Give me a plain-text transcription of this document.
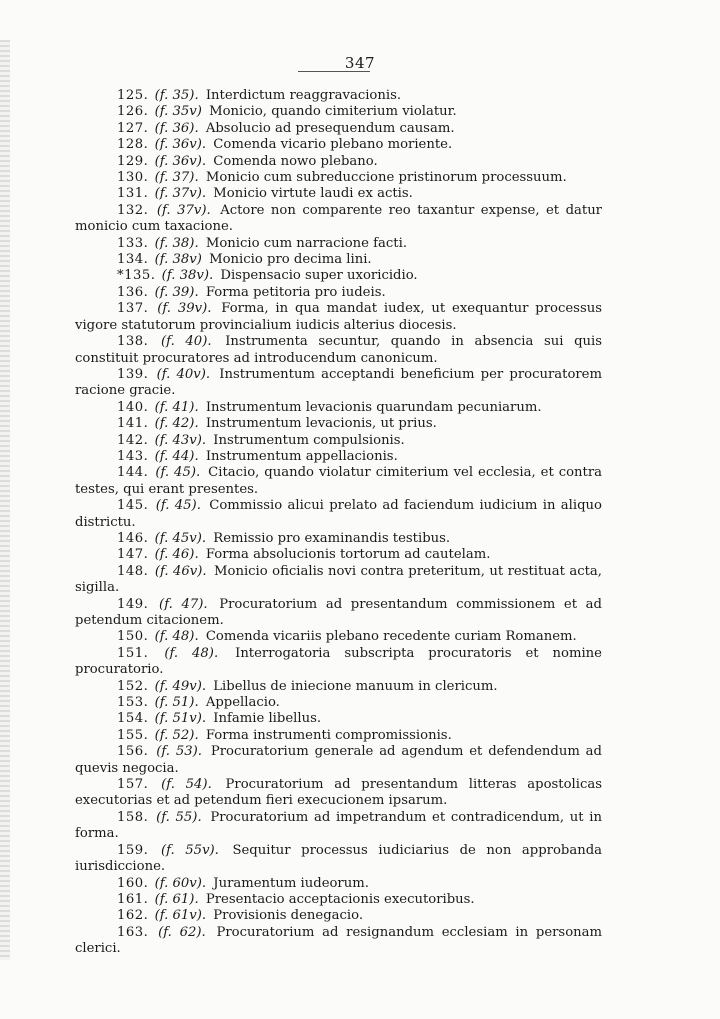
347
125. (f. 35). Interdictum reaggravacionis.
126. (f. 35v) Monicio, quando cimiterium violatur.
127. (f. 36). Absolucio ad presequendum causam.
128. (f. 36v). Comenda vicario plebano moriente.
129. (f. 36v). Comenda nowo plebano.
130. (f. 37). Monicio cum subreduccione pristinorum processuum.
131. (f. 37v). Monicio virtute laudi ex actis.
132. (f. 37v). Actore non comparente reo taxantur expense, et datur monicio cum taxacione.
133. (f. 38). Monicio cum narracione facti.
134. (f. 38v) Monicio pro decima lini.
*135. (f. 38v). Dispensacio super uxoricidio.
136. (f. 39). Forma petitoria pro iudeis.
137. (f. 39v). Forma, in qua mandat iudex, ut exequantur processus vigore statutorum provincialium iudicis alterius diocesis.
138. (f. 40). Instrumenta secuntur, quando in absencia sui quis constituit procuratores ad introducendum canonicum.
139. (f. 40v). Instrumentum acceptandi beneficium per procuratorem racione gracie.
140. (f. 41). Instrumentum levacionis quarundam pecuniarum.
141. (f. 42). Instrumentum levacionis, ut prius.
142. (f. 43v). Instrumentum compulsionis.
143. (f. 44). Instrumentum appellacionis.
144. (f. 45). Citacio, quando violatur cimiterium vel ecclesia, et contra testes, qui erant presentes.
145. (f. 45). Commissio alicui prelato ad faciendum iudicium in aliquo districtu.
146. (f. 45v). Remissio pro examinandis testibus.
147. (f. 46). Forma absolucionis tortorum ad cautelam.
148. (f. 46v). Monicio oficialis novi contra preteritum, ut restituat acta, sigilla.
149. (f. 47). Procuratorium ad presentandum commissionem et ad petendum citacionem.
150. (f. 48). Comenda vicariis plebano recedente curiam Romanem.
151. (f. 48). Interrogatoria subscripta procuratoris et nomine procuratorio.
152. (f. 49v). Libellus de iniecione manuum in clericum.
153. (f. 51). Appellacio.
154. (f. 51v). Infamie libellus.
155. (f. 52). Forma instrumenti compromissionis.
156. (f. 53). Procuratorium generale ad agendum et defendendum ad quevis negocia.
157. (f. 54). Procuratorium ad presentandum litteras apostolicas executorias et ad petendum fieri execucionem ipsarum.
158. (f. 55). Procuratorium ad impetrandum et contradicendum, ut in forma.
159. (f. 55v). Sequitur processus iudiciarius de non approbanda iurisdiccione.
160. (f. 60v). Juramentum iudeorum.
161. (f. 61). Presentacio acceptacionis executoribus.
162. (f. 61v). Provisionis denegacio.
163. (f. 62). Procuratorium ad resignandum ecclesiam in personam clerici.
